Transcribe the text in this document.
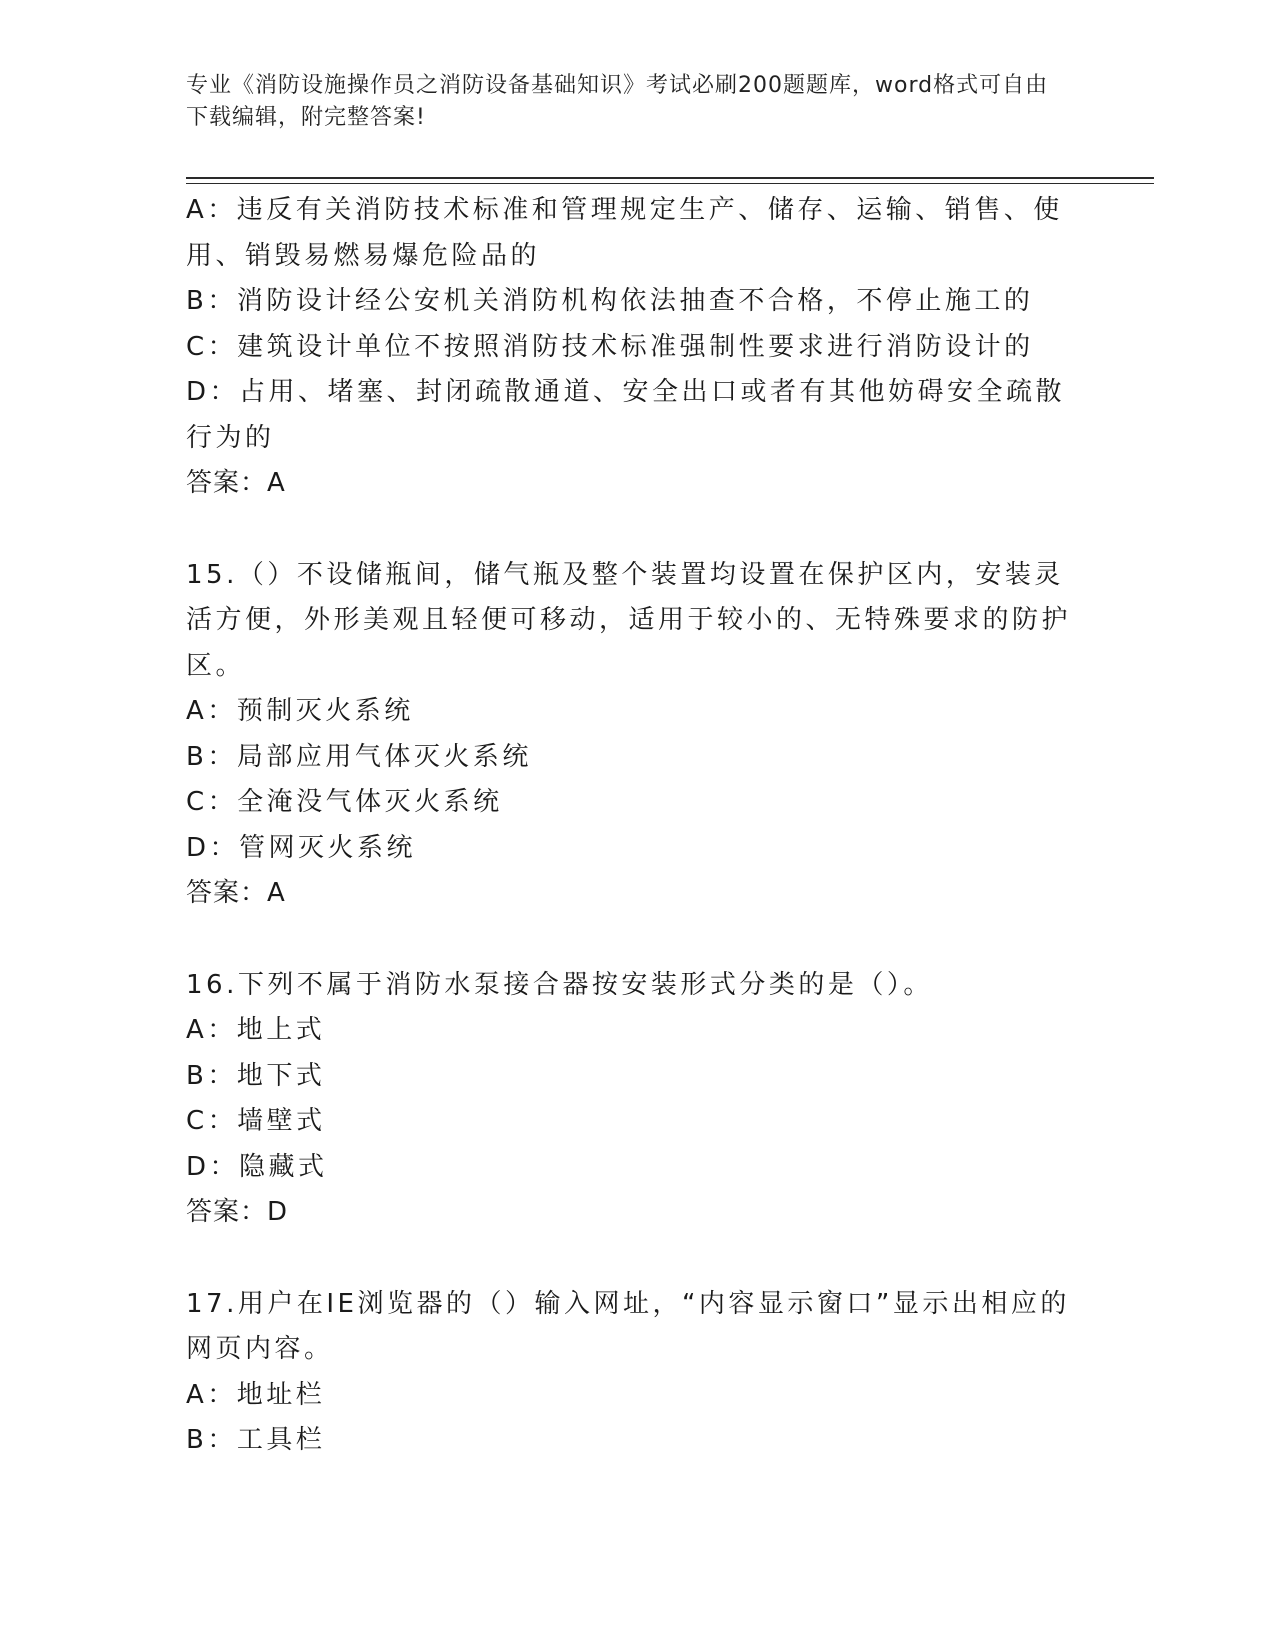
专业《消防设施操作员之消防设备基础知识》考试必刷200题题库，word格式可自由下载编辑，附完整答案!

A：违反有关消防技术标准和管理规定生产、储存、运输、销售、使用、销毁易燃易爆危险品的

B：消防设计经公安机关消防机构依法抽查不合格，不停止施工的

C：建筑设计单位不按照消防技术标准强制性要求进行消防设计的

D：占用、堵塞、封闭疏散通道、安全出口或者有其他妨碍安全疏散行为的

答案：A

15.（）不设储瓶间，储气瓶及整个装置均设置在保护区内，安装灵活方便，外形美观且轻便可移动，适用于较小的、无特殊要求的防护区。

A：预制灭火系统

B：局部应用气体灭火系统

C：全淹没气体灭火系统

D：管网灭火系统

答案：A

16.下列不属于消防水泵接合器按安装形式分类的是（）。

A：地上式

B：地下式

C：墙壁式

D：隐藏式

答案：D

17.用户在IE浏览器的（）输入网址，“内容显示窗口”显示出相应的网页内容。

A：地址栏

B：工具栏
